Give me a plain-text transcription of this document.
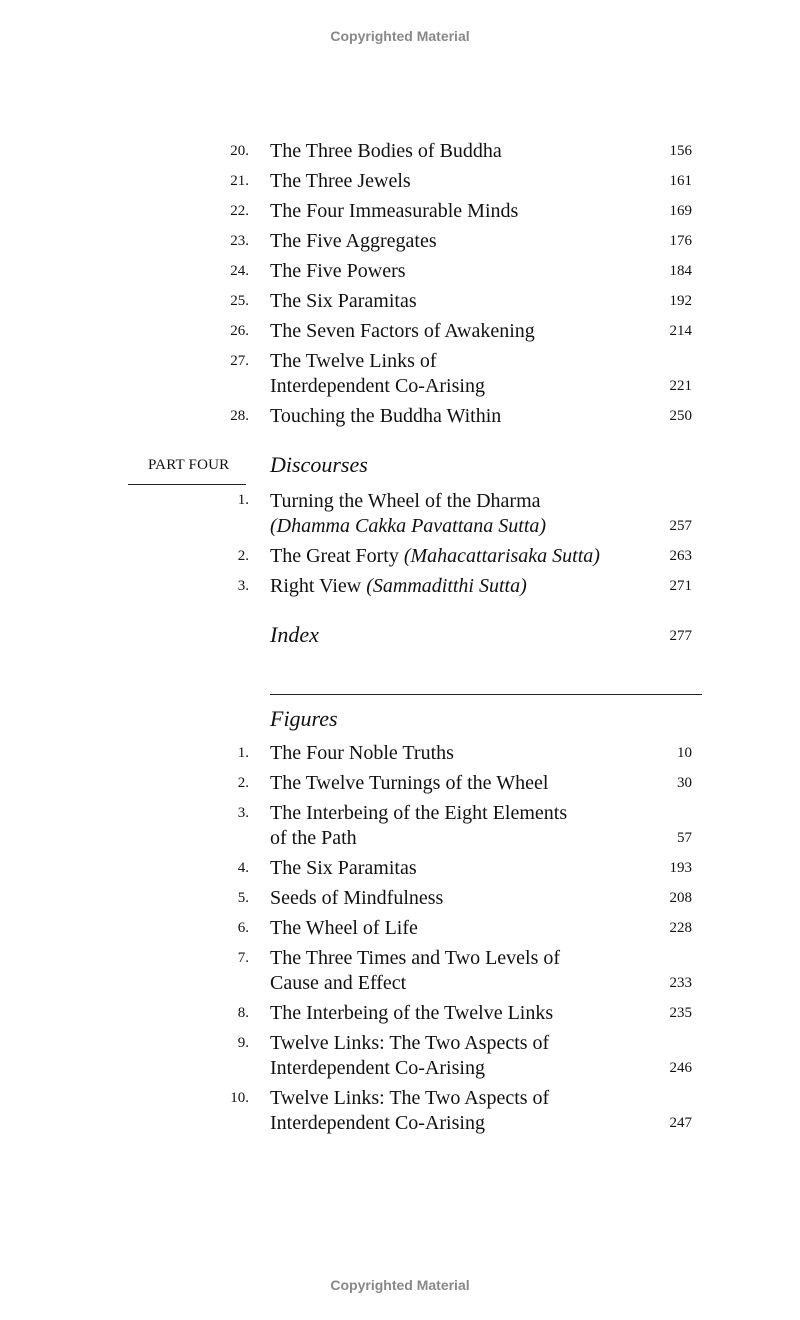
Copyrighted Material
20. The Three Bodies of Buddha	156
21. The Three Jewels	161
22. The Four Immeasurable Minds	169
23. The Five Aggregates	176
24. The Five Powers	184
25. The Six Paramitas	192
26. The Seven Factors of Awakening	214
27. The Twelve Links of
Interdependent Co-Arising	221
28. Touching the Buddha Within	250
PART FOUR Discourses
1. Turning the Wheel of the Dharma
(Dhamma Cakka Pavattana Sutta)	257
2. The Great Forty (Mahacattarisaka Sutta)	263
3. Right View (Sammaditthi Sutta)	271
Index	277
Figures
1. The Four Noble Truths	10
2. The Twelve Turnings of the Wheel	30
3. The Interbeing of the Eight Elements
of the Path	57
4. The Six Paramitas	193
5. Seeds of Mindfulness	208
6. The Wheel of Life	228
7. The Three Times and Two Levels of
Cause and Effect	233
8. The Interbeing of the Twelve Links	235
9. Twelve Links: The Two Aspects of
Interdependent Co-Arising	246
10. Twelve Links: The Two Aspects of
Interdependent Co-Arising	247
Copyrighted Material
